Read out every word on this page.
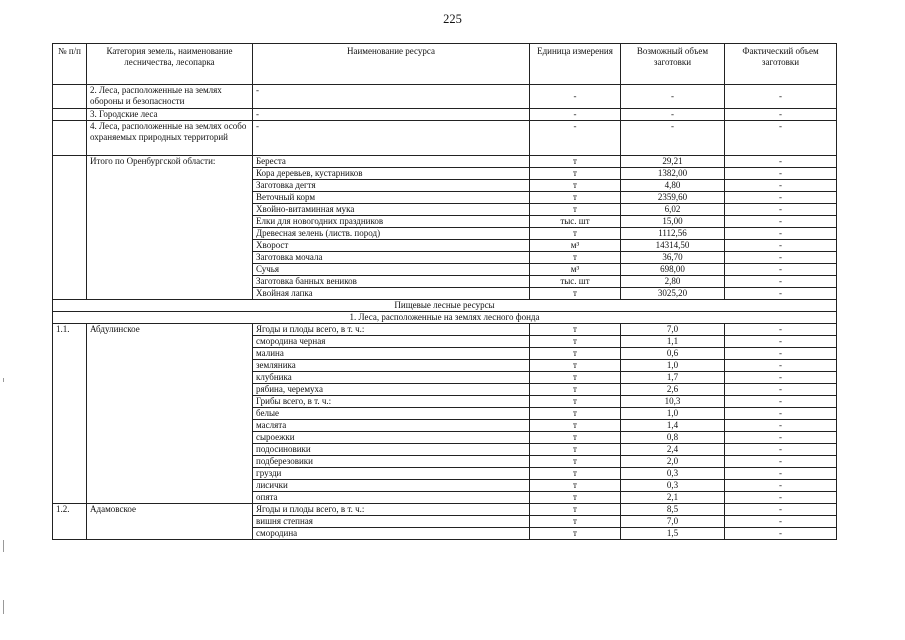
225
№ п/п	Категория земель, наименование лесничества, лесопарка	Наименование ресурса	Единица измерения	Возможный объем заготовки	Фактический объем заготовки
	2. Леса, расположенные на землях обороны и безопасности	-	-	-	-
	3. Городские леса	-	-	-	-
	4. Леса, расположенные на землях особо охраняемых природных территорий	-	-	-	-
	Итого по Оренбургской области:	Береста	т	29,21	-
		Кора деревьев, кустарников	т	1382,00	-
		Заготовка дегтя	т	4,80	-
		Веточный корм	т	2359,60	-
		Хвойно-витаминная мука	т	6,02	-
		Елки для новогодних праздников	тыс. шт	15,00	-
		Древесная зелень (листв. пород)	т	1112,56	-
		Хворост	м³	14314,50	-
		Заготовка мочала	т	36,70	-
		Сучья	м³	698,00	-
		Заготовка банных веников	тыс. шт	2,80	-
		Хвойная лапка	т	3025,20	-
Пищевые лесные ресурсы					
1. Леса, расположенные на землях лесного фонда					
1.1.	Абдулинское	Ягоды и плоды всего, в т. ч.:	т	7,0	-
		смородина черная	т	1,1	-
		малина	т	0,6	-
		земляника	т	1,0	-
		клубника	т	1,7	-
		рябина, черемуха	т	2,6	-
		Грибы всего, в т. ч.:	т	10,3	-
		белые	т	1,0	-
		маслята	т	1,4	-
		сыроежки	т	0,8	-
		подосиновики	т	2,4	-
		подберезовики	т	2,0	-
		грузди	т	0,3	-
		лисички	т	0,3	-
		опята	т	2,1	-
1.2.	Адамовское	Ягоды и плоды всего, в т. ч.:	т	8,5	-
		вишня степная	т	7,0	-
		смородина	т	1,5	-
